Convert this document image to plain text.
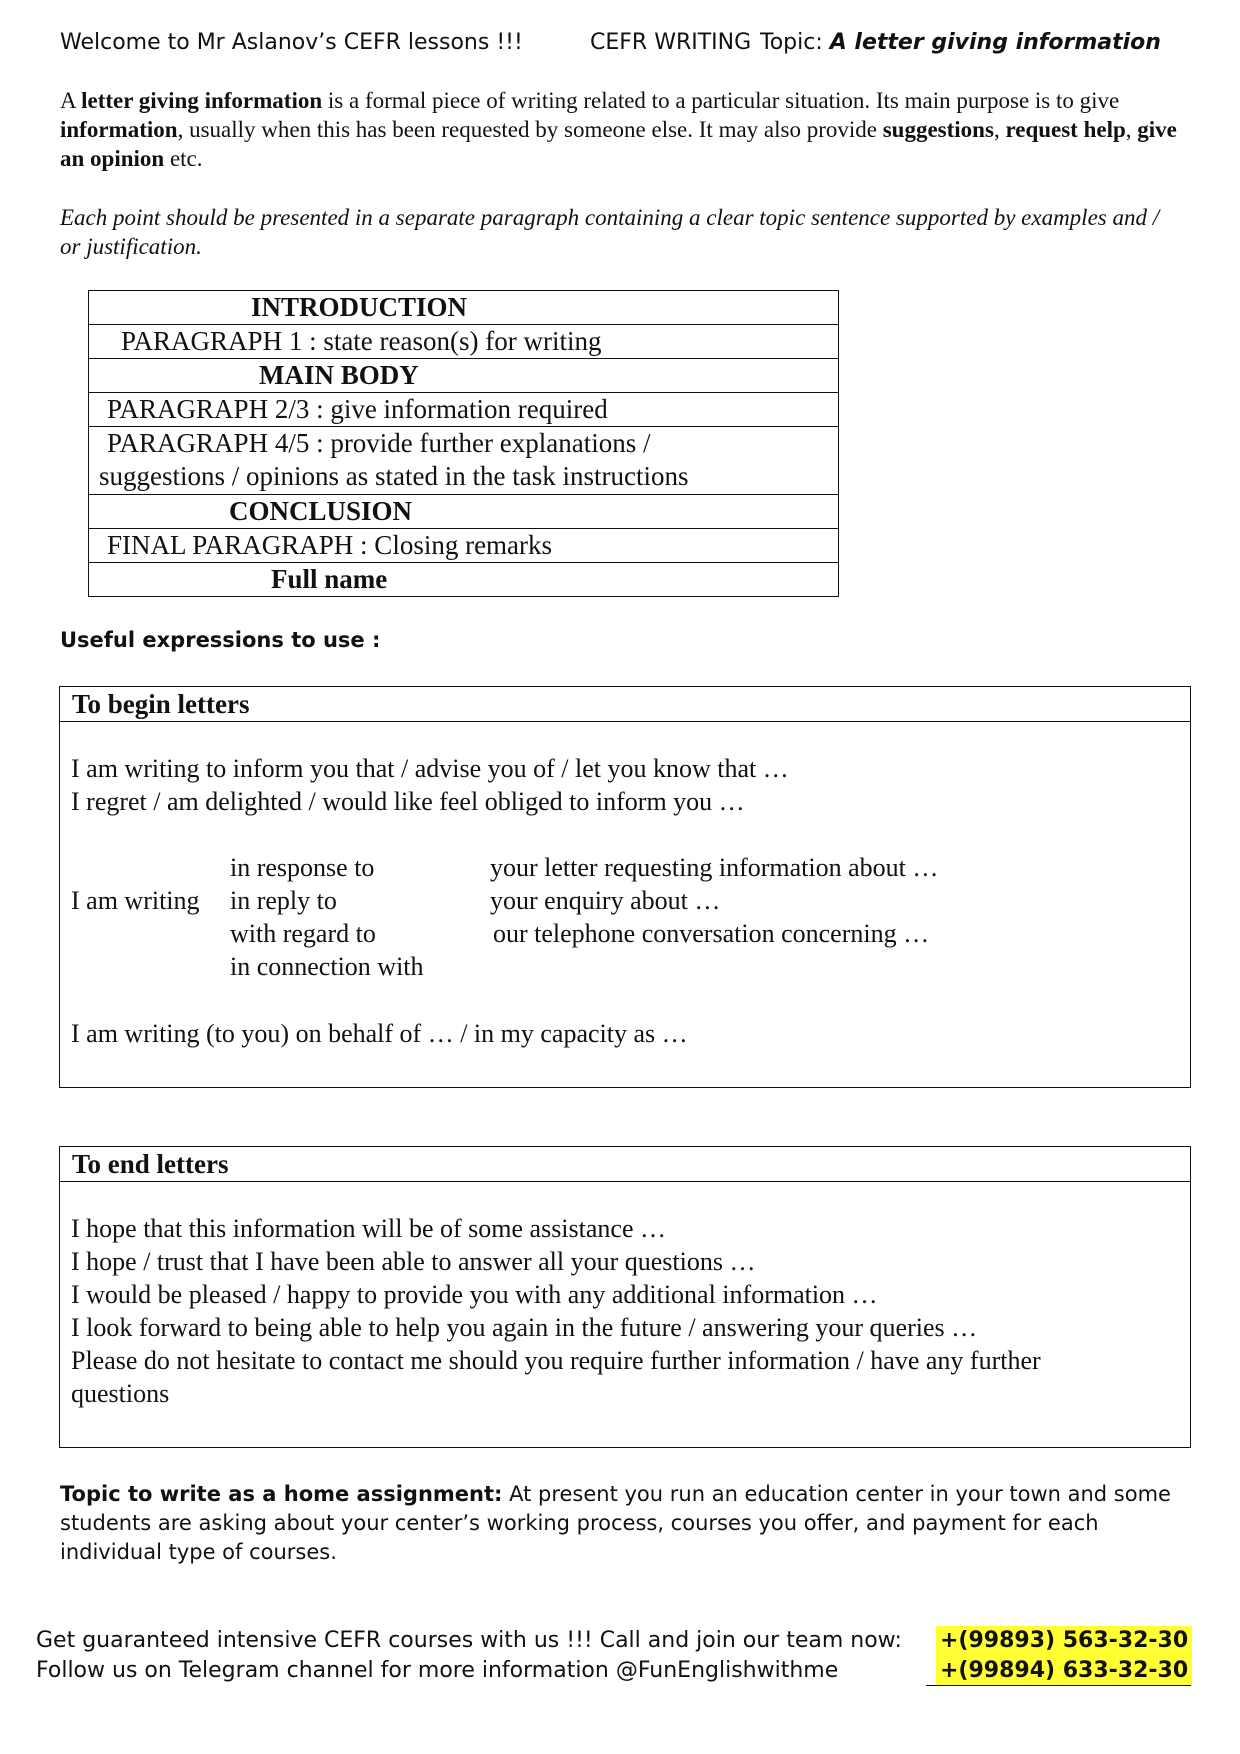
Welcome to Mr Aslanov’s CEFR lessons !!!	CEFR WRITING Topic: A letter giving information
A letter giving information is a formal piece of writing related to a particular situation. Its main purpose is to give information, usually when this has been requested by someone else. It may also provide suggestions, request help, give an opinion etc.
Each point should be presented in a separate paragraph containing a clear topic sentence supported by examples and / or justification.
INTRODUCTION
PARAGRAPH 1 : state reason(s) for writing
MAIN BODY
PARAGRAPH 2/3 : give information required
PARAGRAPH 4/5 : provide further explanations /
suggestions / opinions as stated in the task instructions
CONCLUSION
FINAL PARAGRAPH : Closing remarks
Full name
Useful expressions to use :
To begin letters
I am writing to inform you that / advise you of / let you know that …
I regret / am delighted / would like feel obliged to inform you …
in response to
I am writing in reply to
with regard to
in connection with
your letter requesting information about …
your enquiry about …
our telephone conversation concerning …
I am writing (to you) on behalf of … / in my capacity as …
To end letters
I hope that this information will be of some assistance …
I hope / trust that I have been able to answer all your questions …
I would be pleased / happy to provide you with any additional information …
I look forward to being able to help you again in the future / answering your queries …
Please do not hesitate to contact me should you require further information / have any further
questions
Topic to write as a home assignment: At present you run an education center in your town and some students are asking about your center’s working process, courses you offer, and payment for each individual type of courses.
Get guaranteed intensive CEFR courses with us !!! Call and join our team now:
Follow us on Telegram channel for more information @FunEnglishwithme
+(99893) 563-32-30
+(99894) 633-32-30
